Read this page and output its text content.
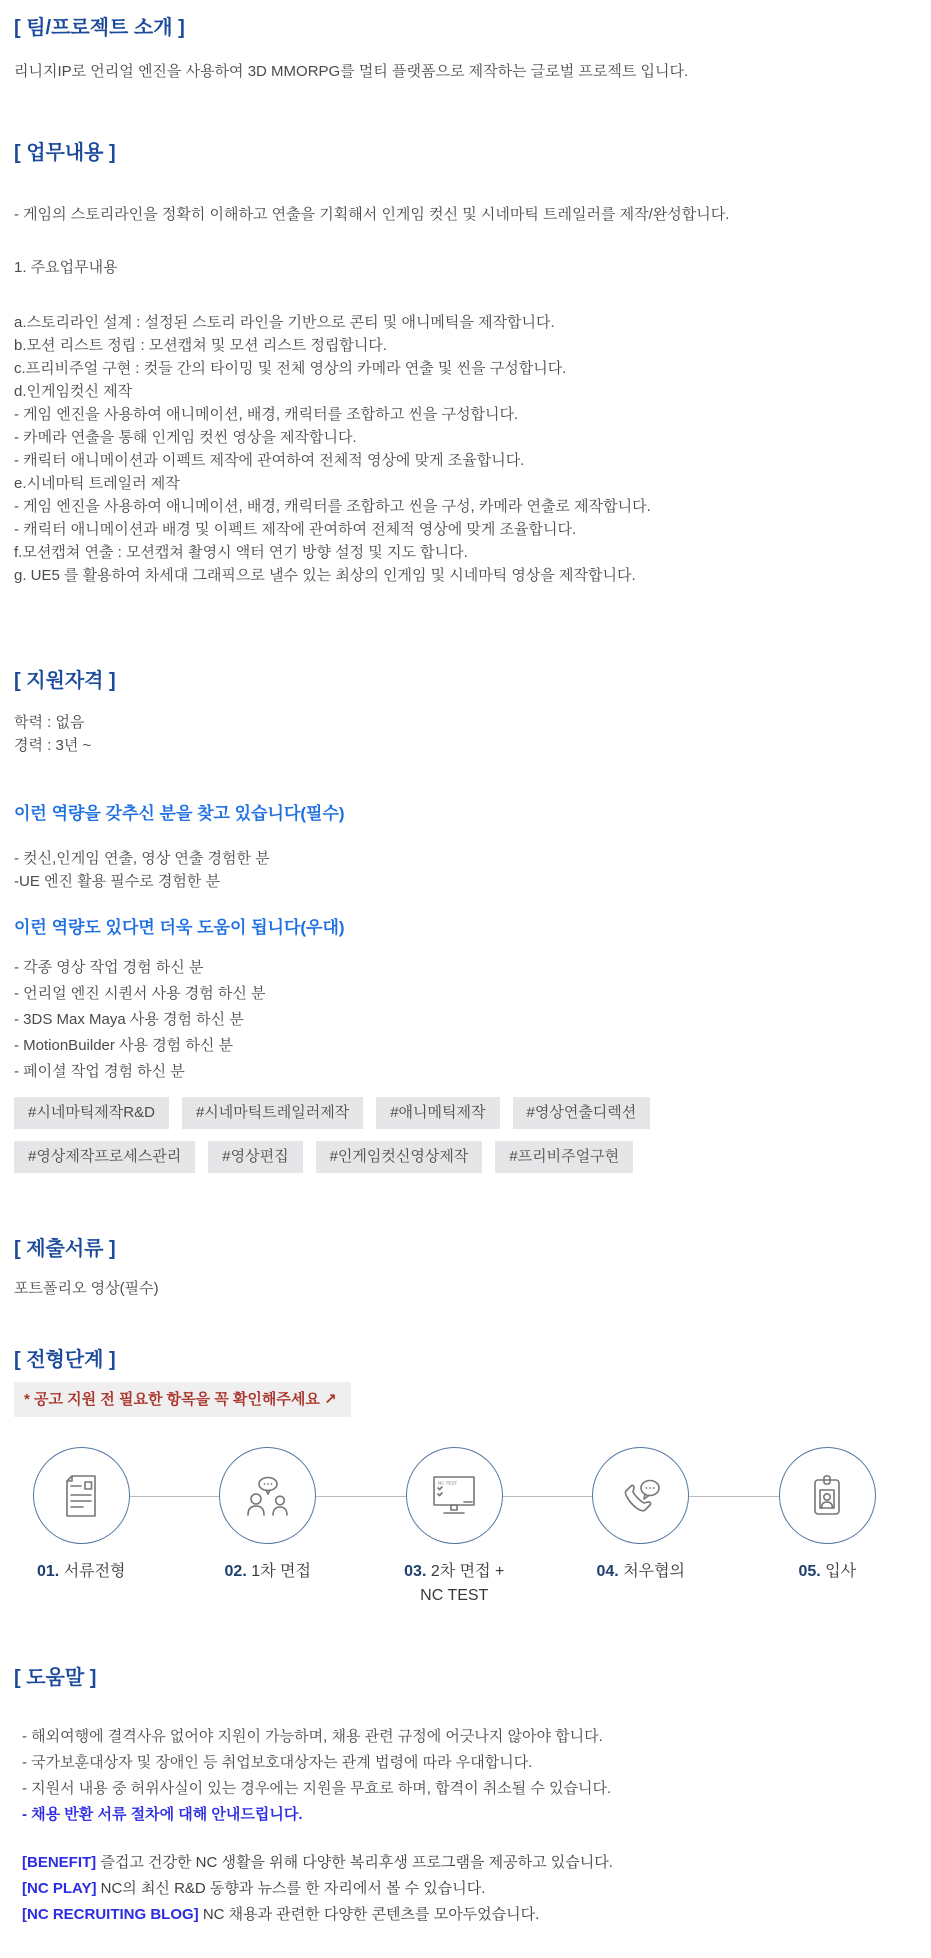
[ 팀/프로젝트 소개 ]
리니지IP로 언리얼 엔진을 사용하여 3D MMORPG를 멀티 플랫폼으로 제작하는 글로벌 프로젝트 입니다.
[ 업무내용 ]
- 게임의 스토리라인을 정확히 이해하고 연출을 기획해서 인게임 컷신 및 시네마틱 트레일러를 제작/완성합니다.
1. 주요업무내용
a.스토리라인 설계 : 설정된 스토리 라인을 기반으로 콘티 및 애니메틱을 제작합니다.
b.모션 리스트 정립 : 모션캡쳐 및 모션 리스트 정립합니다.
c.프리비주얼 구현 : 컷들 간의 타이밍 및 전체 영상의 카메라 연출 및 씬을 구성합니다.
d.인게임컷신 제작
- 게임 엔진을 사용하여 애니메이션, 배경, 캐릭터를 조합하고 씬을 구성합니다.
- 카메라 연출을 통해 인게임 컷씬 영상을 제작합니다.
- 캐릭터 애니메이션과 이펙트 제작에 관여하여 전체적 영상에 맞게 조율합니다.
e.시네마틱 트레일러 제작
- 게임 엔진을 사용하여 애니메이션, 배경, 캐릭터를 조합하고 씬을 구성, 카메라 연출로 제작합니다.
- 캐릭터 애니메이션과 배경 및 이펙트 제작에 관여하여 전체적 영상에 맞게 조율합니다.
f.모션캡쳐 연출 : 모션캡쳐 촬영시 액터 연기 방향 설정 및 지도 합니다.
g. UE5 를 활용하여 차세대 그래픽으로 낼수 있는 최상의 인게임 및 시네마틱 영상을 제작합니다.
[ 지원자격 ]
학력 : 없음
경력 : 3년 ~
이런 역량을 갖추신 분을 찾고 있습니다(필수)
- 컷신,인게임 연출, 영상 연출 경험한 분
-UE 엔진 활용 필수로 경험한 분
이런 역량도 있다면 더욱 도움이 됩니다(우대)
- 각종 영상 작업 경험 하신 분
- 언리얼 엔진 시퀀서 사용 경험 하신 분
- 3DS Max Maya 사용 경험 하신 분
- MotionBuilder 사용 경험 하신 분
- 페이셜 작업 경험 하신 분
#시네마틱제작R&D	#시네마틱트레일러제작	#애니메틱제작	#영상연출디렉션
#영상제작프로세스관리	#영상편집	#인게임컷신영상제작	#프리비주얼구현
[ 제출서류 ]
포트폴리오 영상(필수)
[ 전형단계 ]
* 공고 지원 전 필요한 항목을 꼭 확인해주세요 ↗
01. 서류전형	02. 1차 면접
NC TEST
03. 2차 면접 +
NC TEST
04. 처우협의	05. 입사
[ 도움말 ]
- 해외여행에 결격사유 없어야 지원이 가능하며, 채용 관련 규정에 어긋나지 않아야 합니다.
- 국가보훈대상자 및 장애인 등 취업보호대상자는 관계 법령에 따라 우대합니다.
- 지원서 내용 중 허위사실이 있는 경우에는 지원을 무효로 하며, 합격이 취소될 수 있습니다.
- 채용 반환 서류 절차에 대해 안내드립니다.
[BENEFIT] 즐겁고 건강한 NC 생활을 위해 다양한 복리후생 프로그램을 제공하고 있습니다.
[NC PLAY] NC의 최신 R&D 동향과 뉴스를 한 자리에서 볼 수 있습니다.
[NC RECRUITING BLOG] NC 채용과 관련한 다양한 콘텐츠를 모아두었습니다.
